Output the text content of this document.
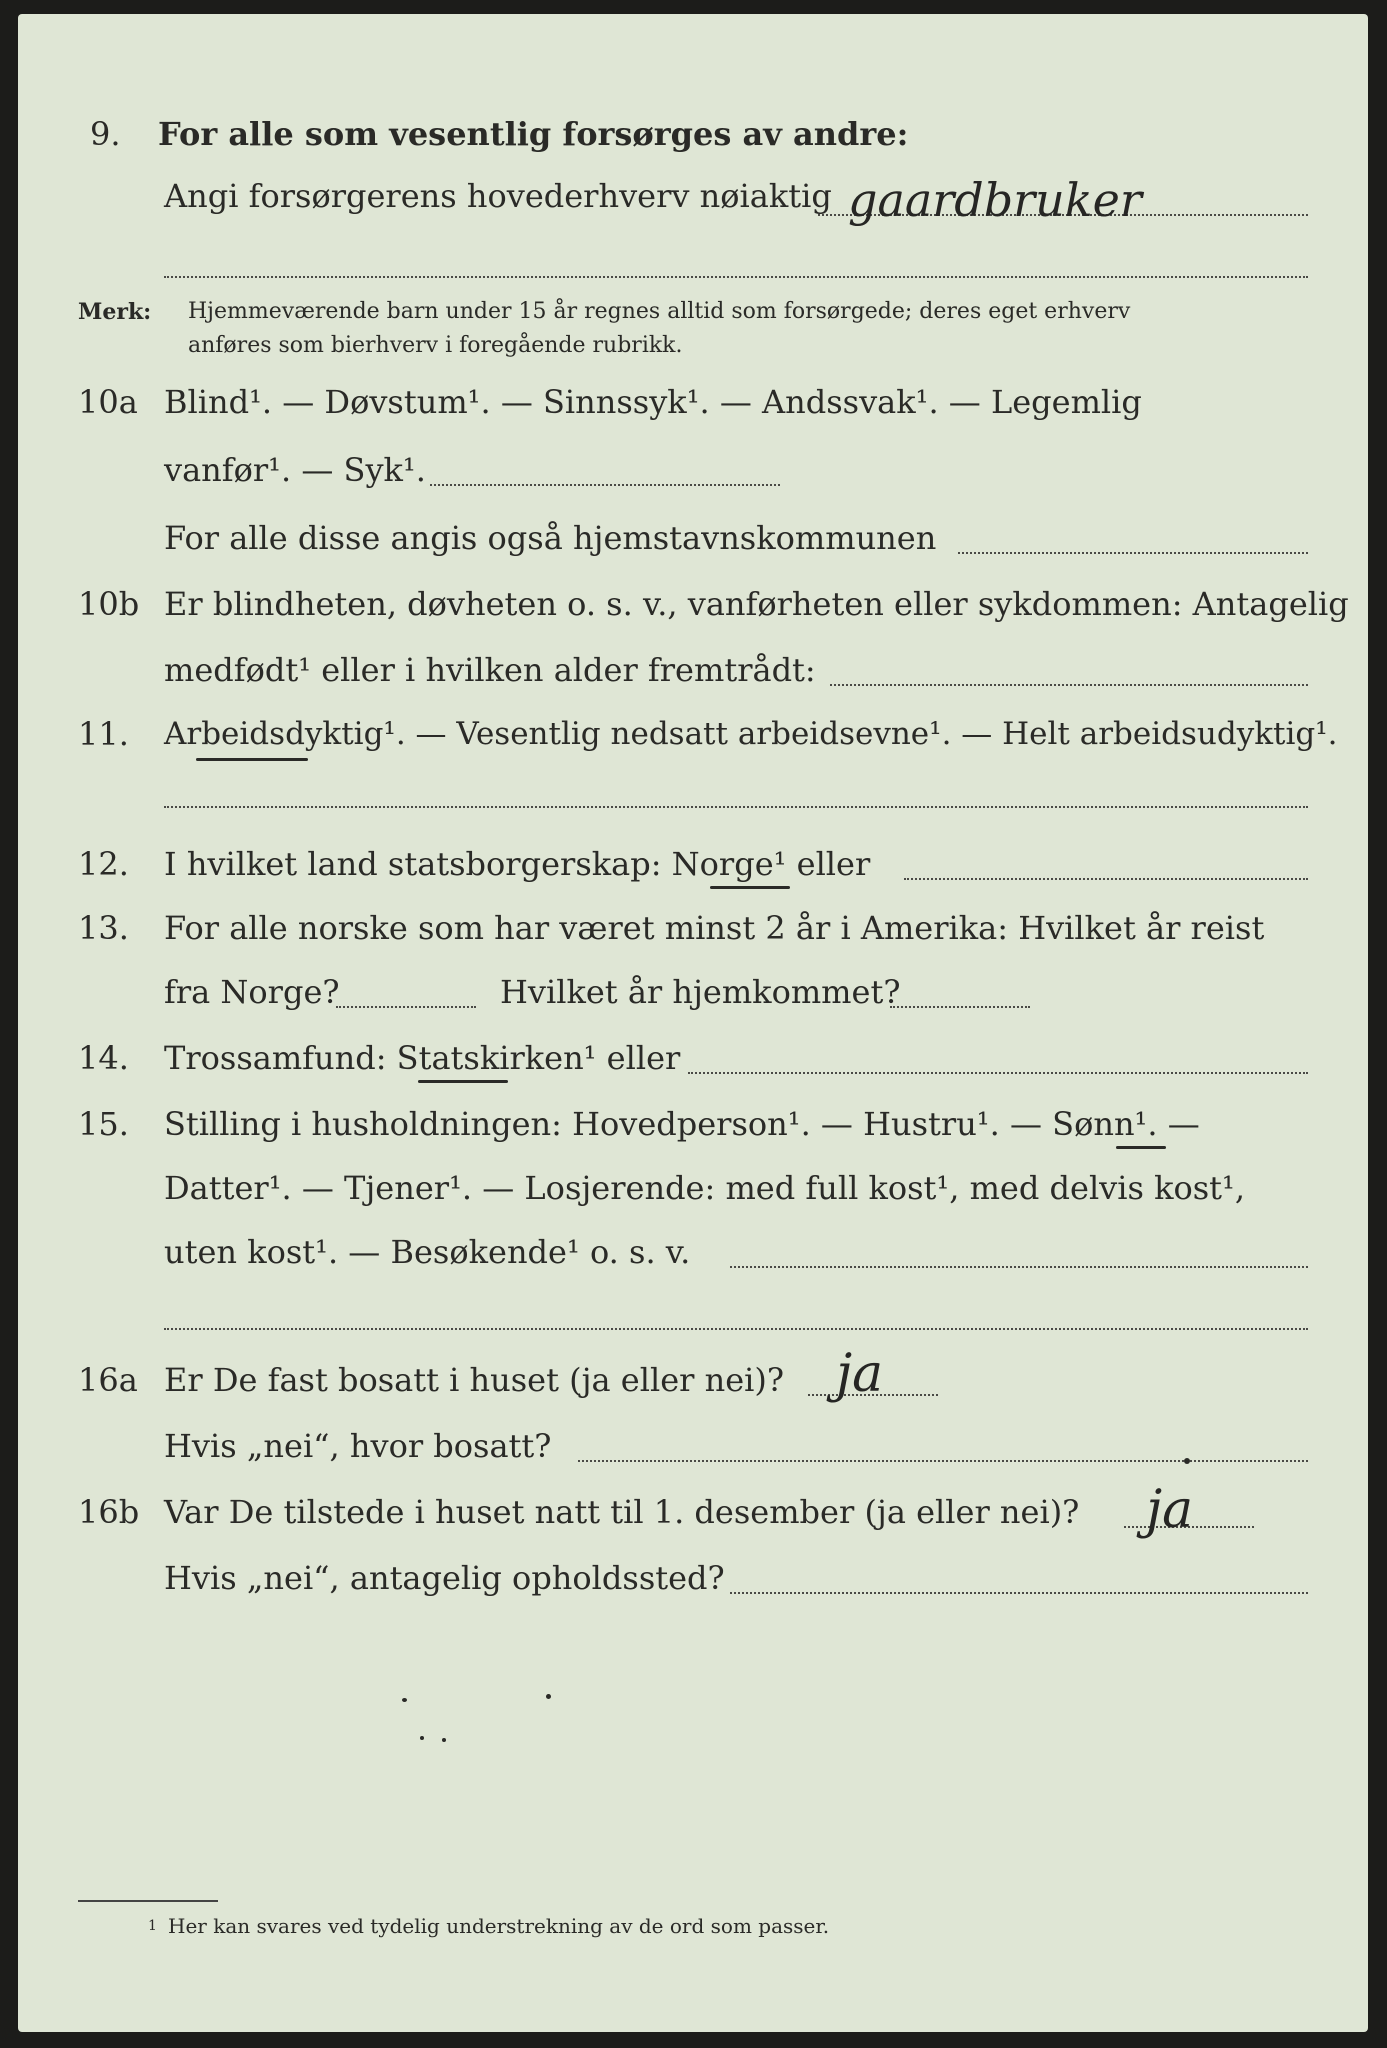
9. For alle som vesentlig forsørges av andre:
Angi forsørgerens hovederhverv nøiaktig gaardbruker
Merk: Hjemmeværende barn under 15 år regnes alltid som forsørgede; deres eget erhverv
anføres som bierhverv i foregående rubrikk.
10a Blind¹. — Døvstum¹. — Sinnssyk¹. — Andssvak¹. — Legemlig
vanfør¹. — Syk¹.
For alle disse angis også hjemstavnskommunen
10b Er blindheten, døvheten o. s. v., vanførheten eller sykdommen: Antagelig
medfødt¹ eller i hvilken alder fremtrådt:
11. Arbeidsdyktig¹. — Vesentlig nedsatt arbeidsevne¹. — Helt arbeidsudyktig¹.
12. I hvilket land statsborgerskap: Norge¹ eller
13. For alle norske som har været minst 2 år i Amerika: Hvilket år reist
fra Norge?	Hvilket år hjemkommet?
14. Trossamfund: Statskirken¹ eller
15. Stilling i husholdningen: Hovedperson¹. — Hustru¹. — Sønn¹. —
Datter¹. — Tjener¹. — Losjerende: med full kost¹, med delvis kost¹,
uten kost¹. — Besøkende¹ o. s. v.
16a Er De fast bosatt i huset (ja eller nei)? ja
Hvis „nei“, hvor bosatt?
16b Var De tilstede i huset natt til 1. desember (ja eller nei)? ja
Hvis „nei“, antagelig opholdssted?
1 Her kan svares ved tydelig understrekning av de ord som passer.
